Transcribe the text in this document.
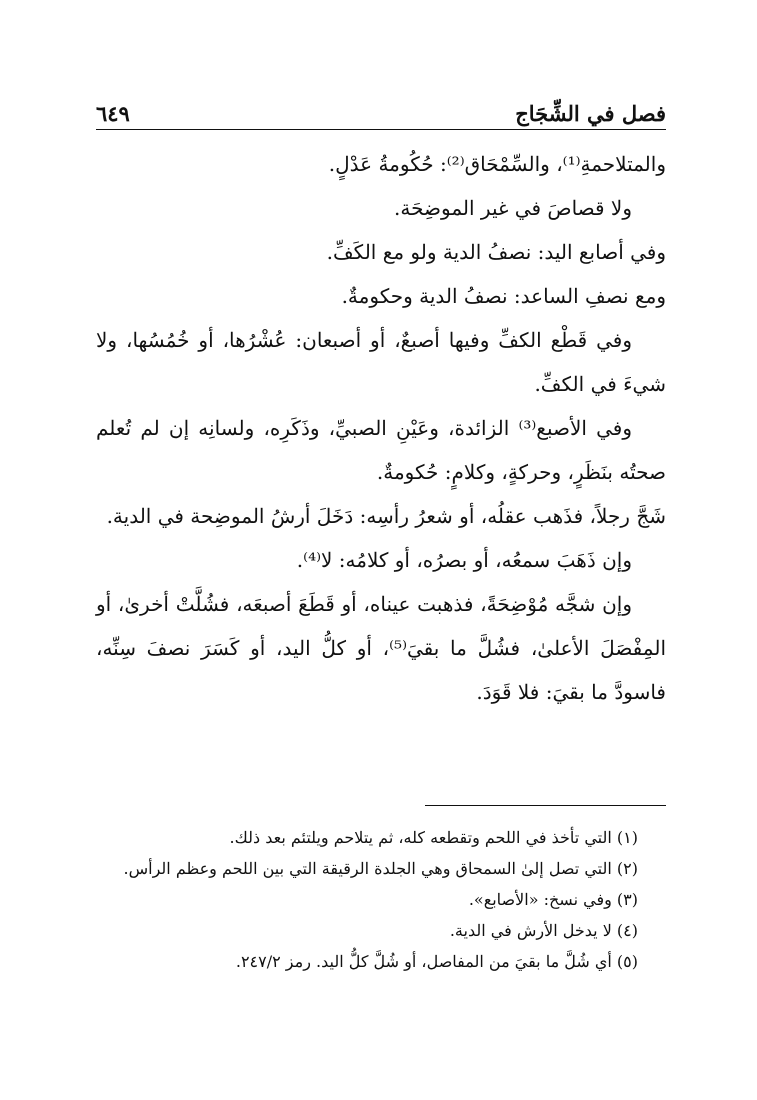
فصل في الشِّجَاج
٦٤٩

والمتلاحمةِ⁽¹⁾، والسِّمْحَاق⁽²⁾: حُكُومةُ عَدْلٍ.

ولا قصاصَ في غير الموضِحَة.

وفي أصابع اليد: نصفُ الدية ولو مع الكَفِّ.

ومع نصفِ الساعد: نصفُ الدية وحكومةٌ.

وفي قَطْع الكفِّ وفيها أصبعٌ، أو أصبعان: عُشْرُها، أو خُمُسُها، ولا شيءَ في الكفِّ.

وفي الأصبع⁽³⁾ الزائدة، وعَيْنِ الصبيِّ، وذَكَرِه، ولسانِه إن لم تُعلم صحتُه بنَظَرٍ، وحركةٍ، وكلامٍ: حُكومةٌ.

شَجَّ رجلاً، فذَهب عقلُه، أو شعرُ رأسِه: دَخَلَ أرشُ الموضِحة في الدية.

وإن ذَهَبَ سمعُه، أو بصرُه، أو كلامُه: لا⁽⁴⁾.

وإن شجَّه مُوْضِحَةً، فذهبت عيناه، أو قَطَعَ أصبعَه، فشُلَّتْ أخرىٰ، أو المِفْصَلَ الأعلىٰ، فشُلَّ ما بقيَ⁽⁵⁾، أو كلُّ اليد، أو كَسَرَ نصفَ سِنِّه، فاسودَّ ما بقيَ: فلا قَوَدَ.

(١) التي تأخذ في اللحم وتقطعه كله، ثم يتلاحم ويلتئم بعد ذلك.

(٢) التي تصل إلىٰ السمحاق وهي الجلدة الرقيقة التي بين اللحم وعظم الرأس.

(٣) وفي نسخ: «الأصابع».

(٤) لا يدخل الأرش في الدية.

(٥) أي شُلَّ ما بقيَ من المفاصل، أو شُلَّ كلُّ اليد. رمز ٢٤٧/٢.
